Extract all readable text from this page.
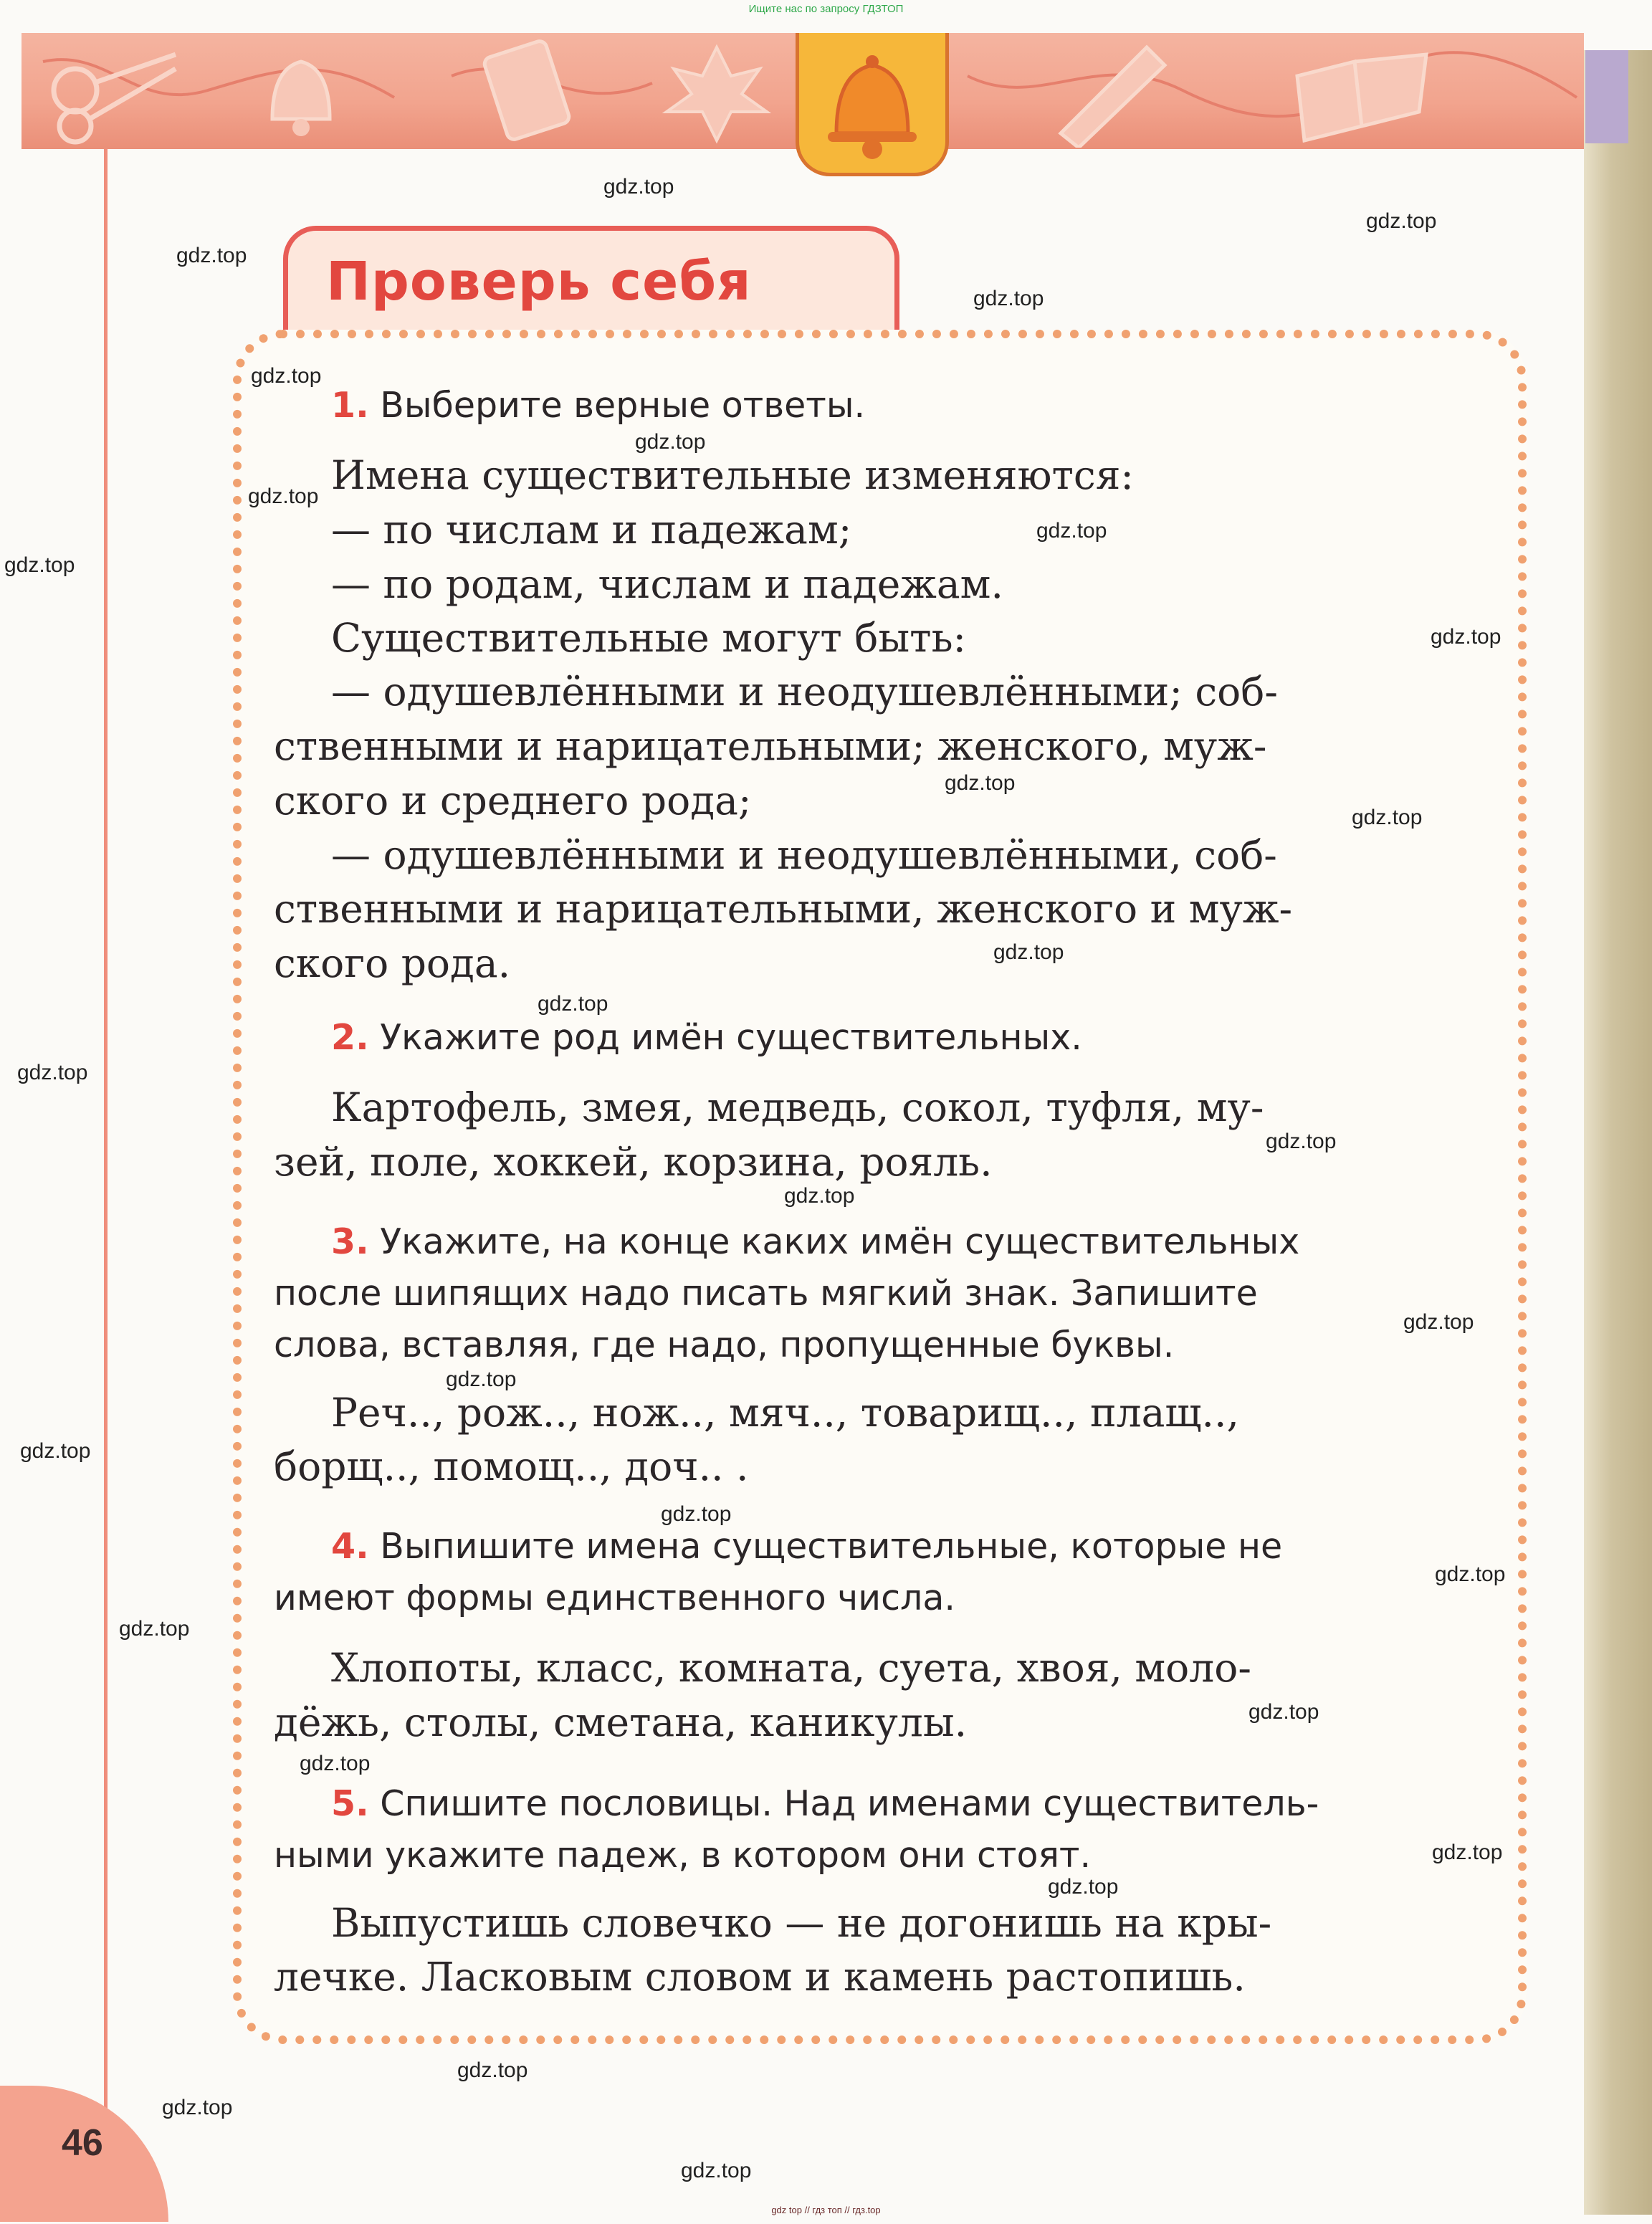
Ищите нас по запросу ГДЗТОП
46
Проверь себя
1. Выберите верные ответы.
Имена существительные изменяются:
— по числам и падежам;
— по родам, числам и падежам.
Существительные могут быть:
— одушевлёнными и неодушевлёнными; соб-
ственными и нарицательными; женского, муж-
ского и среднего рода;
— одушевлёнными и неодушевлёнными, соб-
ственными и нарицательными, женского и муж-
ского рода.
2. Укажите род имён существительных.
Картофель, змея, медведь, сокол, туфля, му-
зей, поле, хоккей, корзина, рояль.
3. Укажите, на конце каких имён существительных
после шипящих надо писать мягкий знак. Запишите
слова, вставляя, где надо, пропущенные буквы.
Реч.., рож.., нож.., мяч.., товарищ.., плащ..,
борщ.., помощ.., доч.. .
4. Выпишите имена существительные, которые не
имеют формы единственного числа.
Хлопоты, класс, комната, суета, хвоя, моло-
дёжь, столы, сметана, каникулы.
5. Спишите пословицы. Над именами существитель-
ными укажите падеж, в котором они стоят.
Выпустишь словечко — не догонишь на кры-
лечке. Ласковым словом и камень растопишь.
gdz.top
gdz.top
gdz.top
gdz.top
gdz.top
gdz.top
gdz.top
gdz.top
gdz.top
gdz.top
gdz.top
gdz.top
gdz.top
gdz.top
gdz.top
gdz.top
gdz.top
gdz.top
gdz.top
gdz.top
gdz.top
gdz.top
gdz.top
gdz.top
gdz.top
gdz.top
gdz.top
gdz.top
gdz.top
gdz.top
gdz top // гдз топ // гдз.top
